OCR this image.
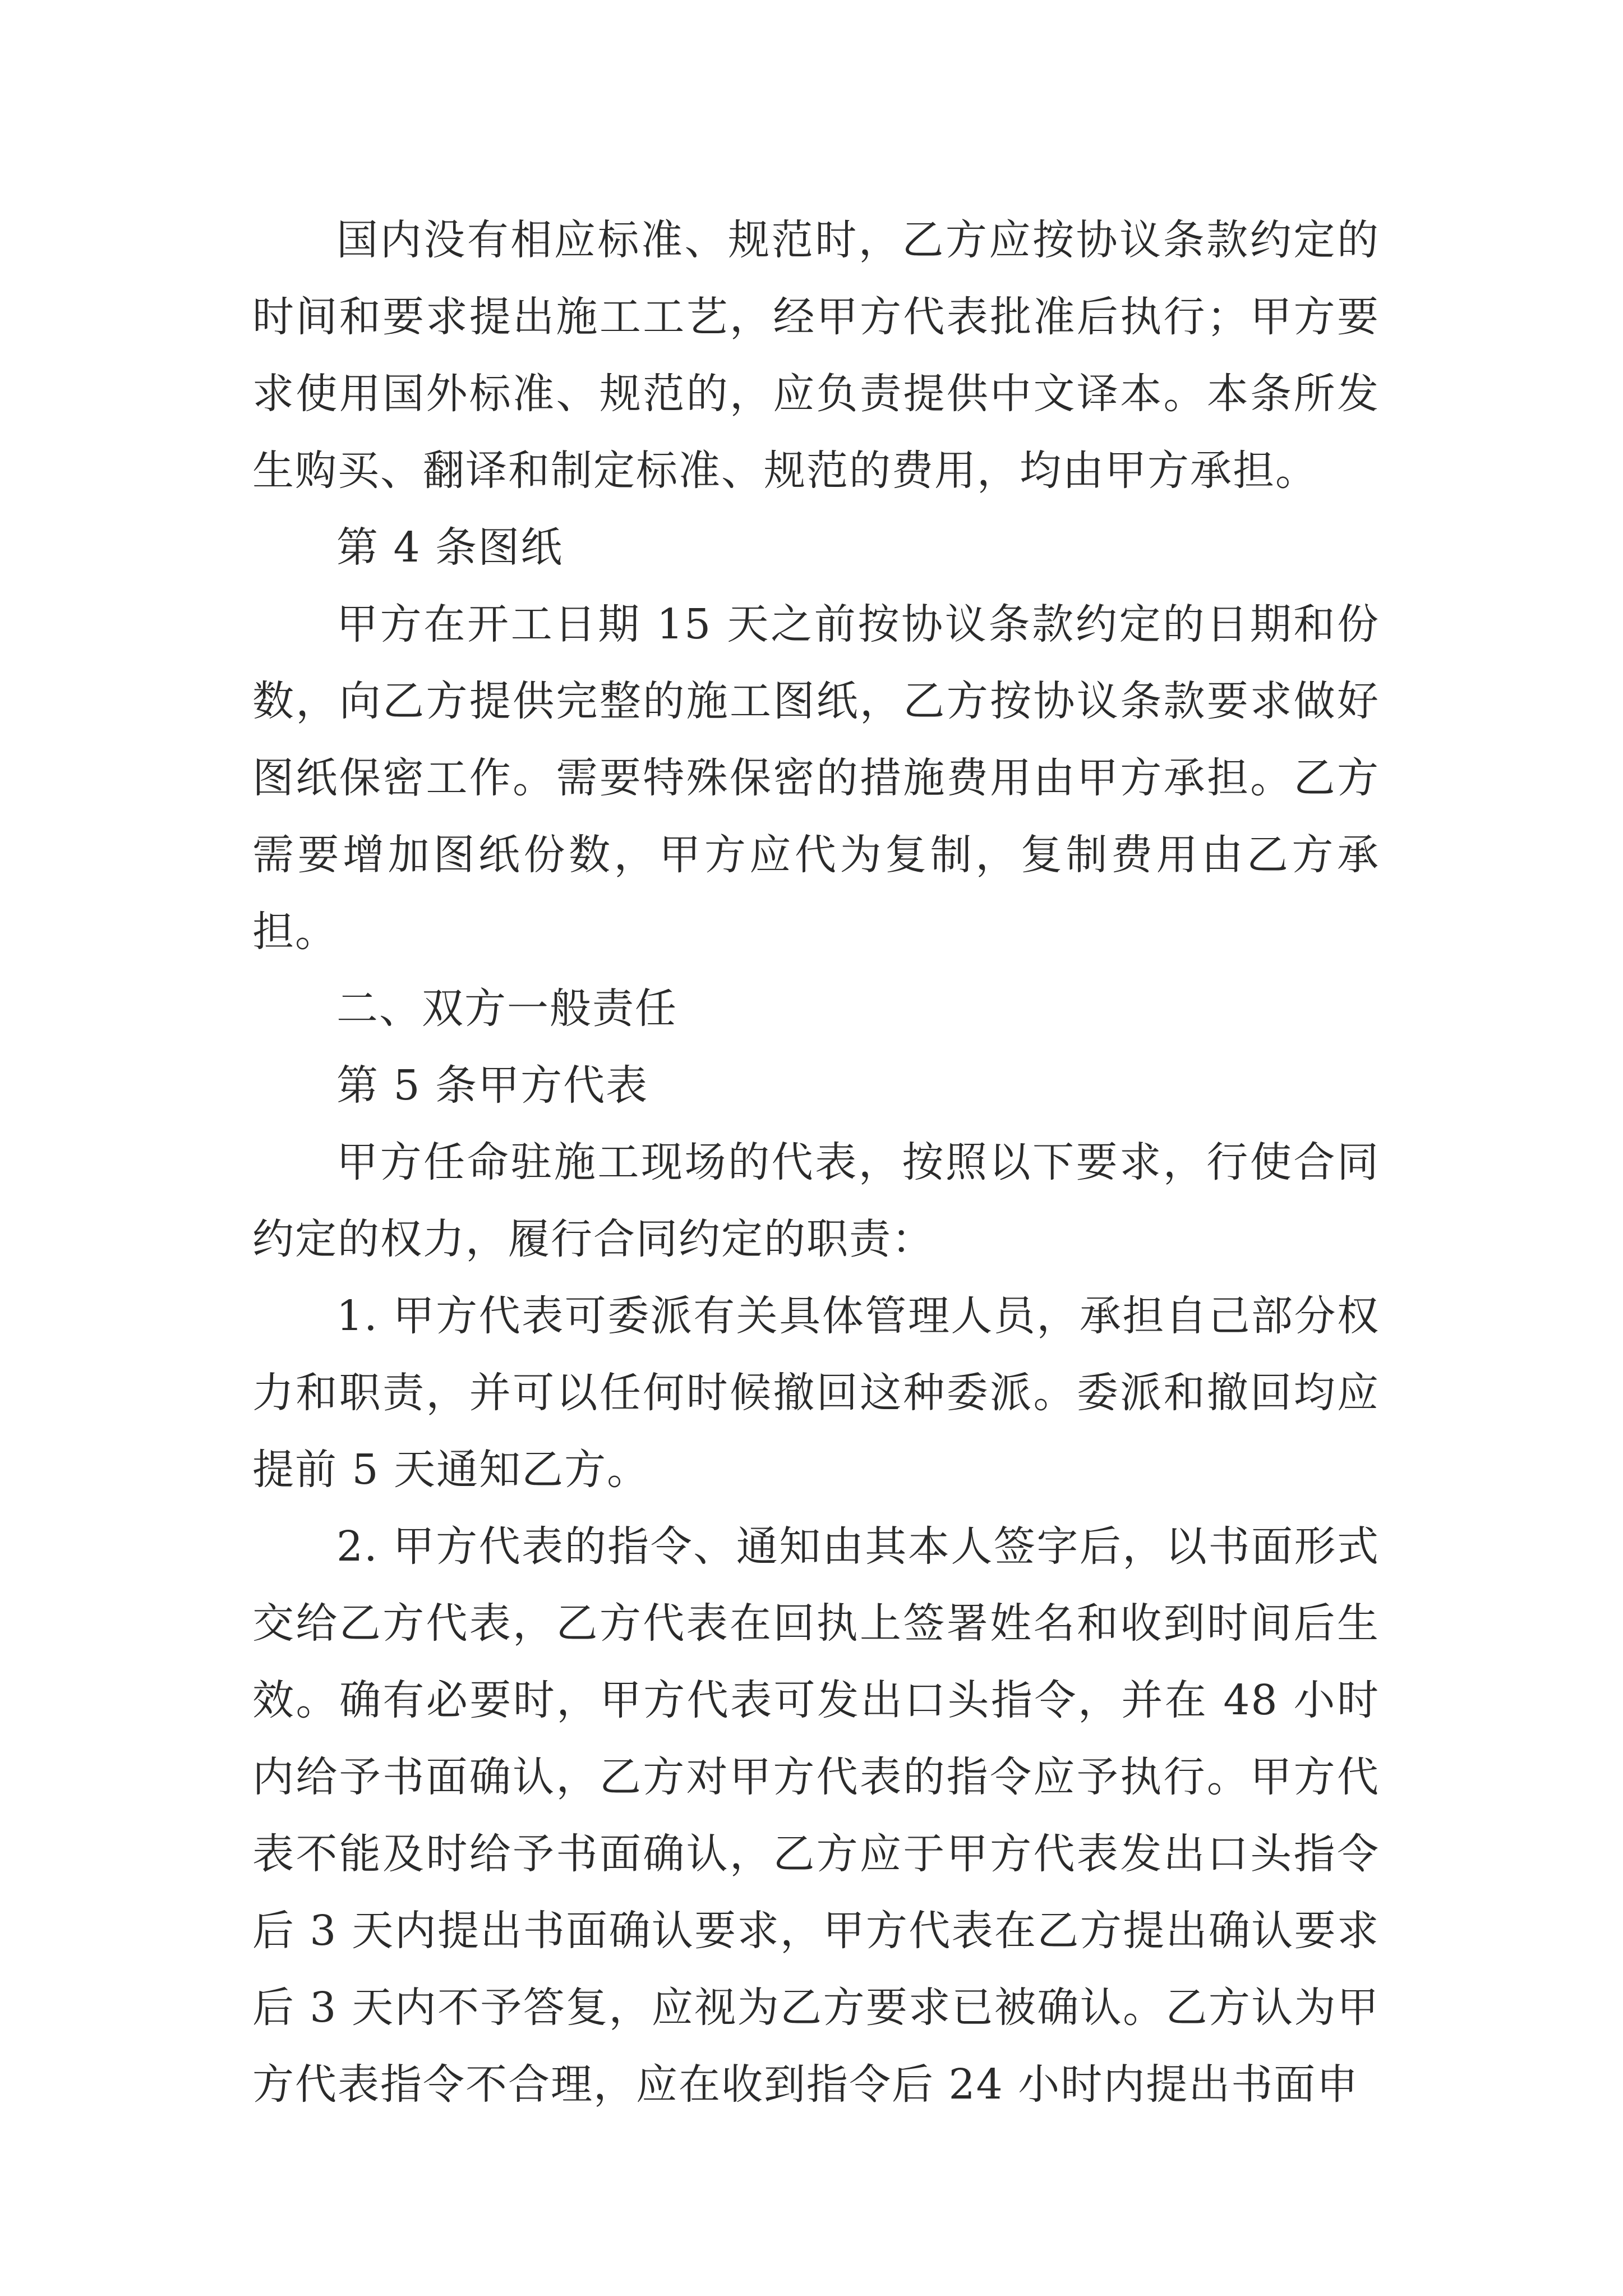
国内没有相应标准、规范时，乙方应按协议条款约定的时间和要求提出施工工艺，经甲方代表批准后执行；甲方要求使用国外标准、规范的，应负责提供中文译本。本条所发生购买、翻译和制定标准、规范的费用，均由甲方承担。

第 4 条图纸

甲方在开工日期 15 天之前按协议条款约定的日期和份数，向乙方提供完整的施工图纸，乙方按协议条款要求做好图纸保密工作。需要特殊保密的措施费用由甲方承担。乙方需要增加图纸份数，甲方应代为复制，复制费用由乙方承担。

二、双方一般责任

第 5 条甲方代表

甲方任命驻施工现场的代表，按照以下要求，行使合同约定的权力，履行合同约定的职责：

1. 甲方代表可委派有关具体管理人员，承担自己部分权力和职责，并可以任何时候撤回这种委派。委派和撤回均应提前 5 天通知乙方。

2. 甲方代表的指令、通知由其本人签字后，以书面形式交给乙方代表，乙方代表在回执上签署姓名和收到时间后生效。确有必要时，甲方代表可发出口头指令，并在 48 小时内给予书面确认，乙方对甲方代表的指令应予执行。甲方代表不能及时给予书面确认，乙方应于甲方代表发出口头指令后 3 天内提出书面确认要求，甲方代表在乙方提出确认要求后 3 天内不予答复，应视为乙方要求已被确认。乙方认为甲方代表指令不合理，应在收到指令后 24 小时内提出书面申
